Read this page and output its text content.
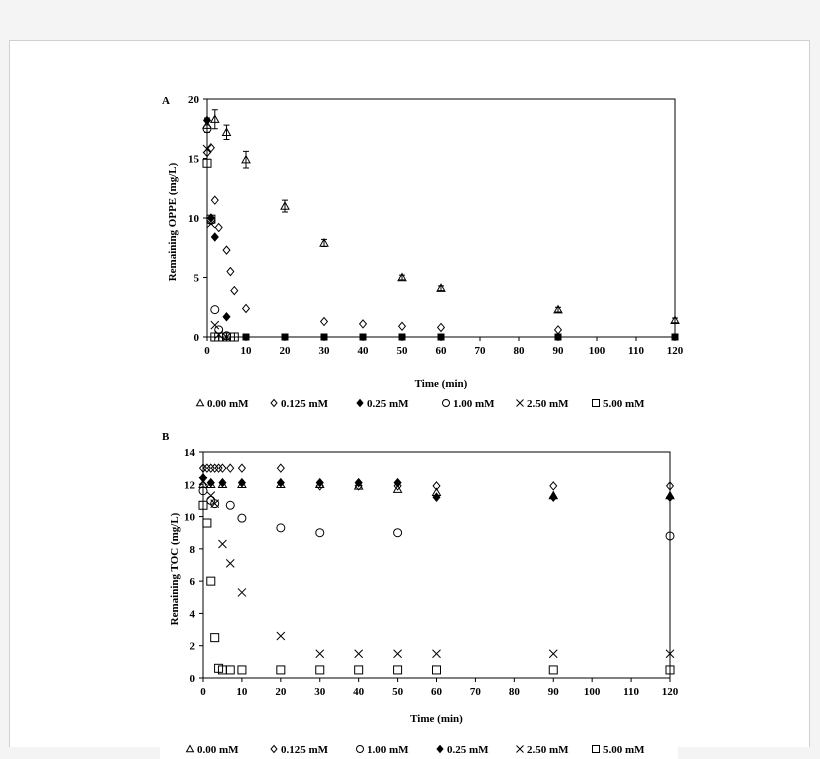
A
0
5
10
15
20
0	10	20	30	40	50	60	70	80	90 100 110 120
Time (min)
Remaining OPPE (mg/L)
0.00 mM	0.125 mM	0.25 mM	1.00 mM	2.50 mM	5.00 mM
B
0
2
4
6
8
10
12
14
0	10	20	30	40	50	60	70	80	90 100 110 120
Time (min)
Remaining TOC (mg/L)
0.00 mM	0.125 mM	1.00 mM	0.25 mM	2.50 mM	5.00 mM
